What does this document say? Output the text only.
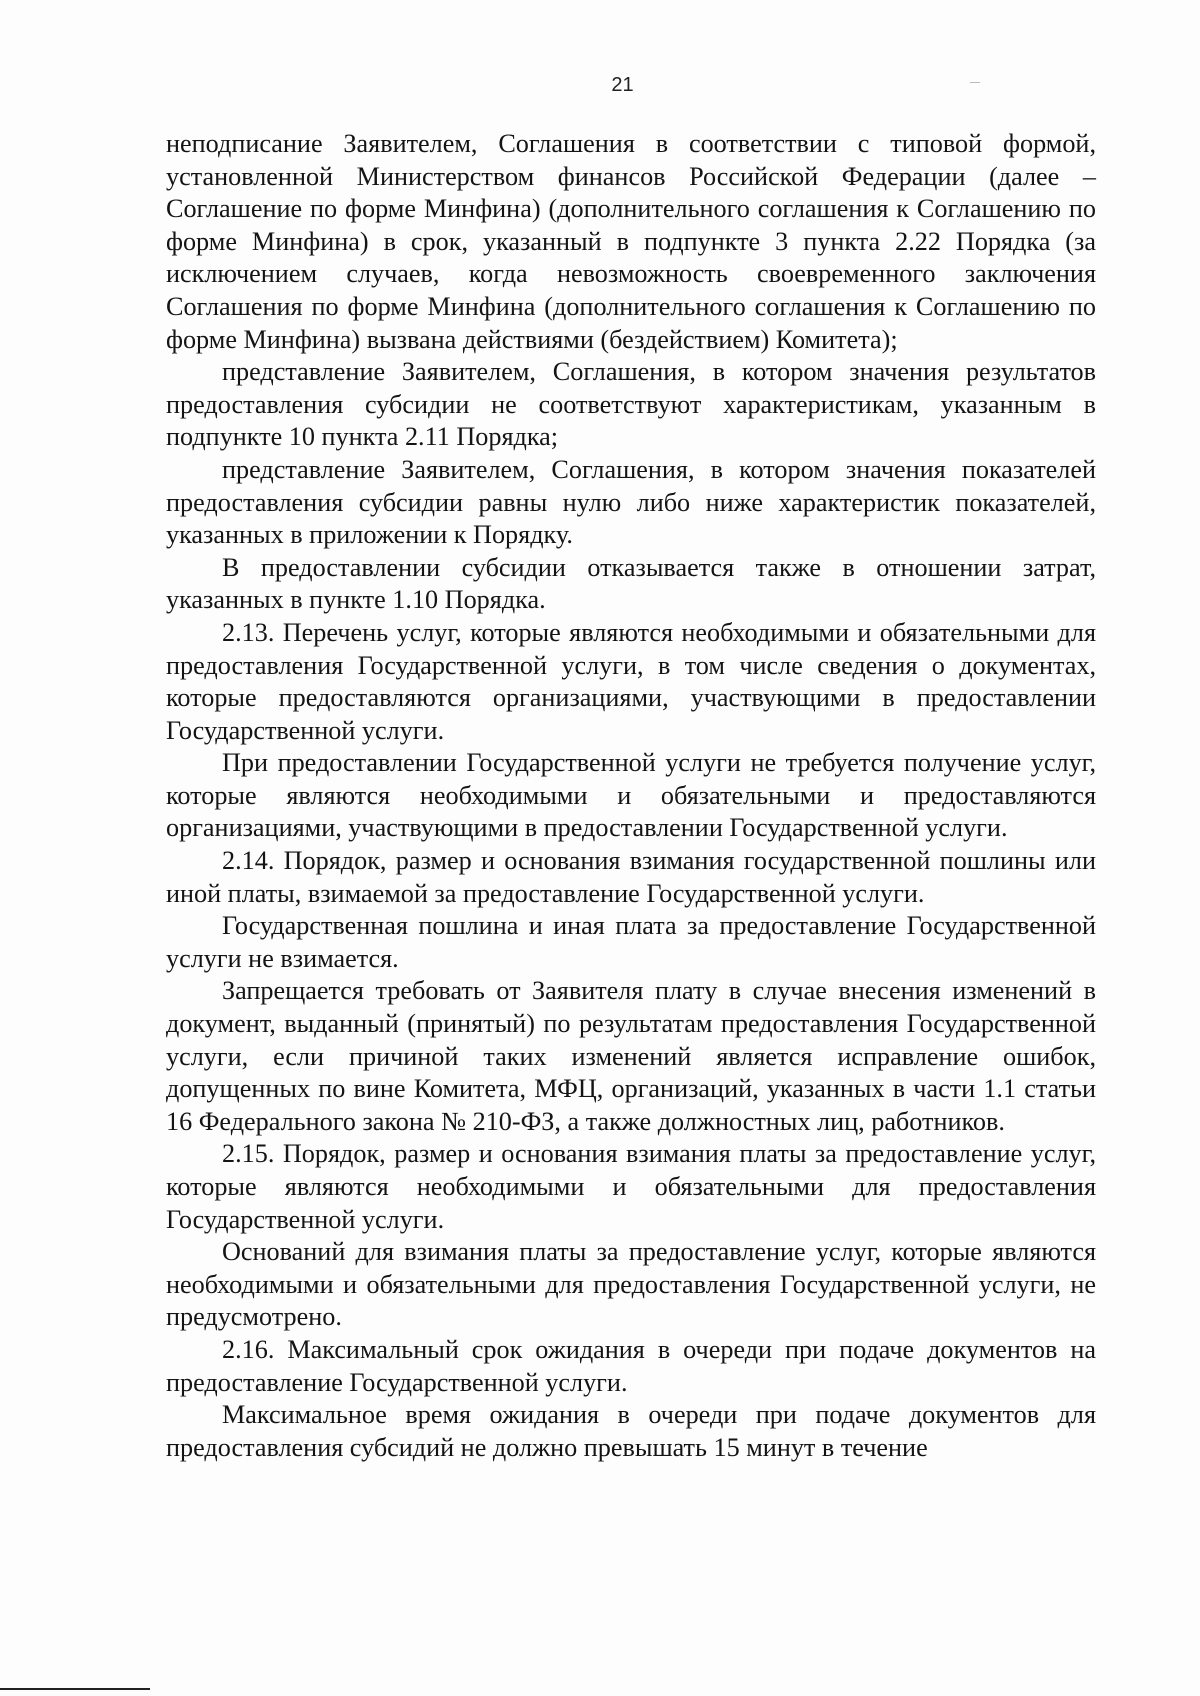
21

неподписание Заявителем, Соглашения в соответствии с типовой формой, установленной Министерством финансов Российской Федерации (далее – Соглашение по форме Минфина) (дополнительного соглашения к Соглашению по форме Минфина) в срок, указанный в подпункте 3 пункта 2.22 Порядка (за исключением случаев, когда невозможность своевременного заключения Соглашения по форме Минфина (дополнительного соглашения к Соглашению по форме Минфина) вызвана действиями (бездействием) Комитета);

представление Заявителем, Соглашения, в котором значения результатов предоставления субсидии не соответствуют характеристикам, указанным в подпункте 10 пункта 2.11 Порядка;

представление Заявителем, Соглашения, в котором значения показателей предоставления субсидии равны нулю либо ниже характеристик показателей, указанных в приложении к Порядку.

В предоставлении субсидии отказывается также в отношении затрат, указанных в пункте 1.10 Порядка.

2.13. Перечень услуг, которые являются необходимыми и обязательными для предоставления Государственной услуги, в том числе сведения о документах, которые предоставляются организациями, участвующими в предоставлении Государственной услуги.

При предоставлении Государственной услуги не требуется получение услуг, которые являются необходимыми и обязательными и предоставляются организациями, участвующими в предоставлении Государственной услуги.

2.14. Порядок, размер и основания взимания государственной пошлины или иной платы, взимаемой за предоставление Государственной услуги.

Государственная пошлина и иная плата за предоставление Государственной услуги не взимается.

Запрещается требовать от Заявителя плату в случае внесения изменений в документ, выданный (принятый) по результатам предоставления Государственной услуги, если причиной таких изменений является исправление ошибок, допущенных по вине Комитета, МФЦ, организаций, указанных в части 1.1 статьи 16 Федерального закона № 210-ФЗ, а также должностных лиц, работников.

2.15. Порядок, размер и основания взимания платы за предоставление услуг, которые являются необходимыми и обязательными для предоставления Государственной услуги.

Оснований для взимания платы за предоставление услуг, которые являются необходимыми и обязательными для предоставления Государственной услуги, не предусмотрено.

2.16. Максимальный срок ожидания в очереди при подаче документов на предоставление Государственной услуги.

Максимальное время ожидания в очереди при подаче документов для предоставления субсидий не должно превышать 15 минут в течение
